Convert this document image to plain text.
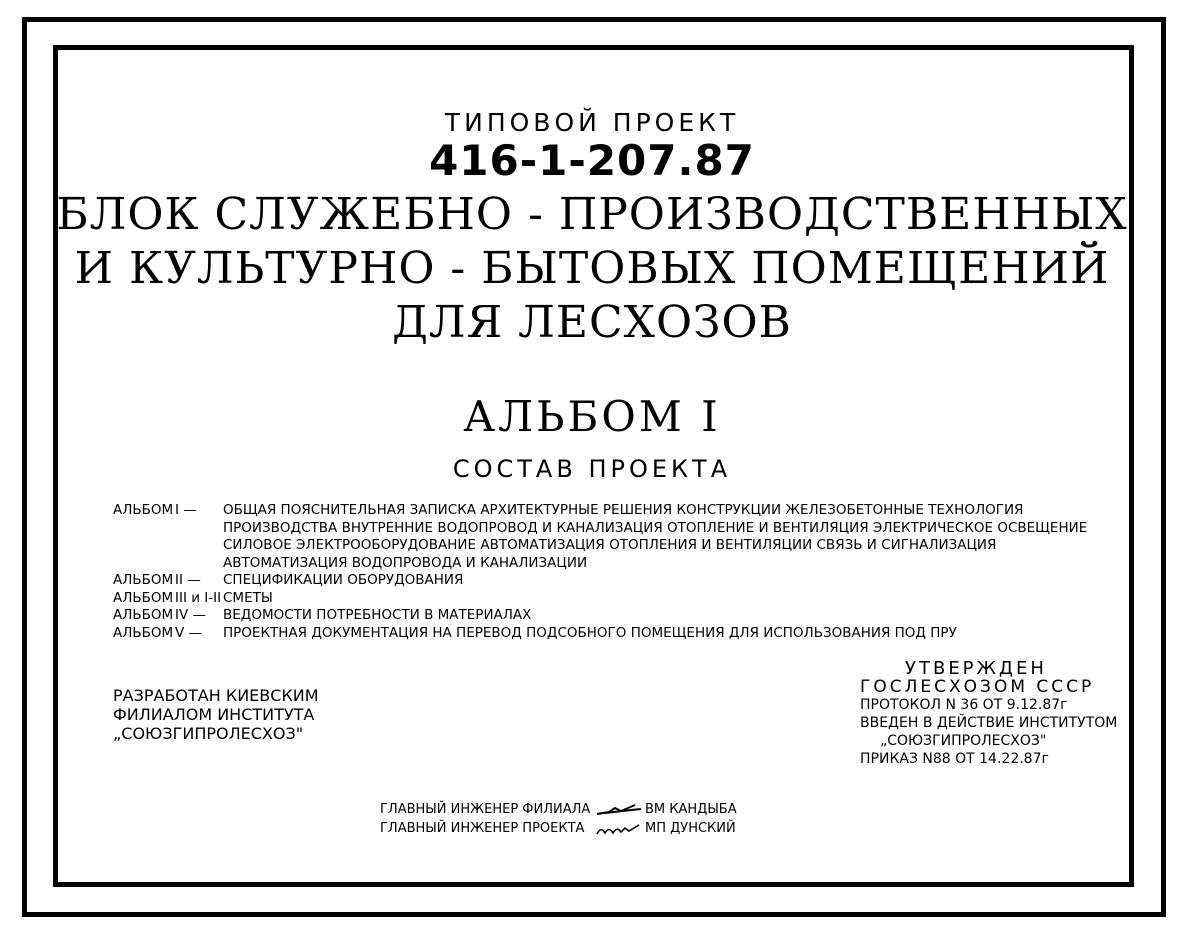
ТИПОВОЙ ПРОЕКТ
416-1-207.87
БЛОК СЛУЖЕБНО - ПРОИЗВОДСТВЕННЫХ
И КУЛЬТУРНО - БЫТОВЫХ ПОМЕЩЕНИЙ
ДЛЯ ЛЕСХОЗОВ
АЛЬБОМ I
СОСТАВ ПРОЕКТА
АЛЬБОМ I —	ОБЩАЯ ПОЯСНИТЕЛЬНАЯ ЗАПИСКА АРХИТЕКТУРНЫЕ РЕШЕНИЯ КОНСТРУКЦИИ ЖЕЛЕЗОБЕТОННЫЕ ТЕХНОЛОГИЯ
ПРОИЗВОДСТВА ВНУТРЕННИЕ ВОДОПРОВОД И КАНАЛИЗАЦИЯ ОТОПЛЕНИЕ И ВЕНТИЛЯЦИЯ ЭЛЕКТРИЧЕСКОЕ ОСВЕЩЕНИЕ
СИЛОВОЕ ЭЛЕКТРООБОРУДОВАНИЕ АВТОМАТИЗАЦИЯ ОТОПЛЕНИЯ И ВЕНТИЛЯЦИИ СВЯЗЬ И СИГНАЛИЗАЦИЯ
АВТОМАТИЗАЦИЯ ВОДОПРОВОДА И КАНАЛИЗАЦИИ
АЛЬБОМ II —	СПЕЦИФИКАЦИИ ОБОРУДОВАНИЯ
АЛЬБОМ III и I-II СМЕТЫ
АЛЬБОМ IV —	ВЕДОМОСТИ ПОТРЕБНОСТИ В МАТЕРИАЛАХ
АЛЬБОМ V —	ПРОЕКТНАЯ ДОКУМЕНТАЦИЯ НА ПЕРЕВОД ПОДСОБНОГО ПОМЕЩЕНИЯ ДЛЯ ИСПОЛЬЗОВАНИЯ ПОД ПРУ
РАЗРАБОТАН КИЕВСКИМ
ФИЛИАЛОМ ИНСТИТУТА
„СОЮЗГИПРОЛЕСХОЗ"
УТВЕРЖДЕН
ГОСЛЕСХОЗОМ СССР
ПРОТОКОЛ N 36 ОТ 9.12.87г
ВВЕДЕН В ДЕЙСТВИЕ ИНСТИТУТОМ
„СОЮЗГИПРОЛЕСХОЗ"
ПРИКАЗ N88 ОТ 14.22.87г
ГЛАВНЫЙ ИНЖЕНЕР ФИЛИАЛА	ВМ КАНДЫБА
ГЛАВНЫЙ ИНЖЕНЕР ПРОЕКТА	МП ДУНСКИЙ
